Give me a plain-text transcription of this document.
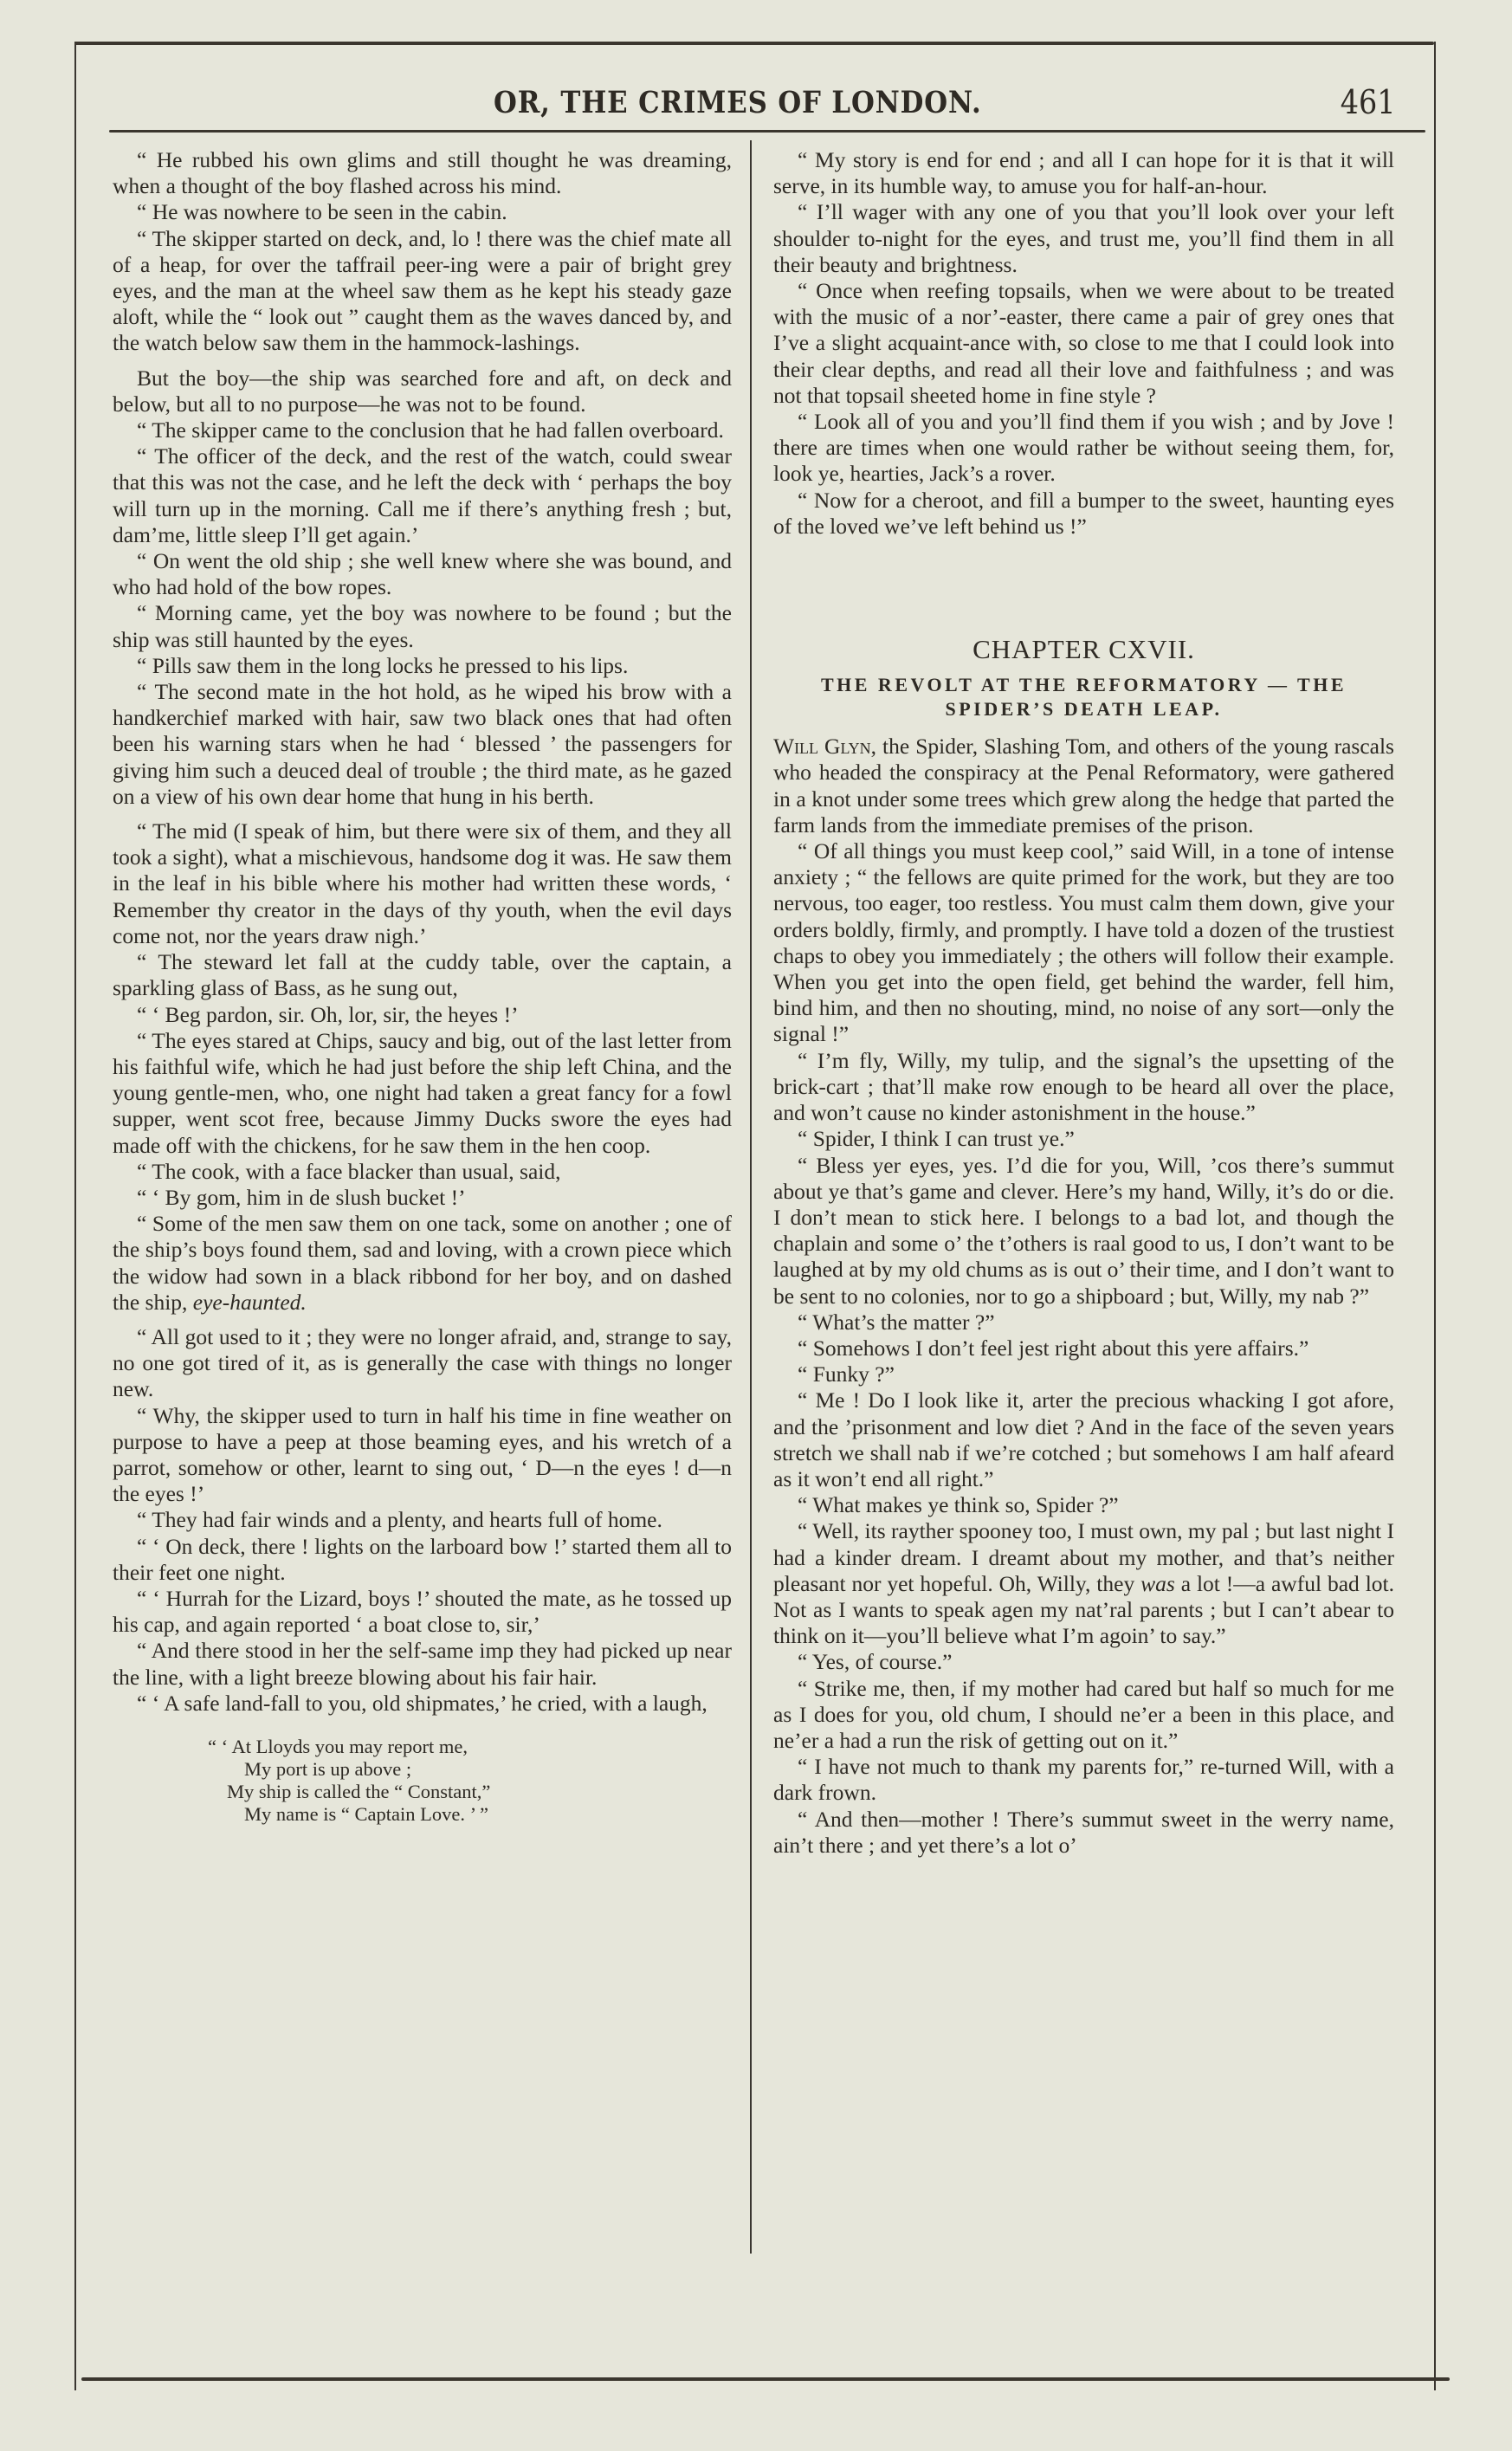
OR, THE CRIMES OF LONDON.	461

“ He rubbed his own glims and still thought he was dreaming, when a thought of the boy flashed across his mind.

“ He was nowhere to be seen in the cabin.

“ The skipper started on deck, and, lo ! there was the chief mate all of a heap, for over the taffrail peer-ing were a pair of bright grey eyes, and the man at the wheel saw them as he kept his steady gaze aloft, while the “ look out ” caught them as the waves danced by, and the watch below saw them in the hammock-lashings.

But the boy—the ship was searched fore and aft, on deck and below, but all to no purpose—he was not to be found.

“ The skipper came to the conclusion that he had fallen overboard.

“ The officer of the deck, and the rest of the watch, could swear that this was not the case, and he left the deck with ‘ perhaps the boy will turn up in the morning. Call me if there’s anything fresh ; but, dam’me, little sleep I’ll get again.’

“ On went the old ship ; she well knew where she was bound, and who had hold of the bow ropes.

“ Morning came, yet the boy was nowhere to be found ; but the ship was still haunted by the eyes.

“ Pills saw them in the long locks he pressed to his lips.

“ The second mate in the hot hold, as he wiped his brow with a handkerchief marked with hair, saw two black ones that had often been his warning stars when he had ‘ blessed ’ the passengers for giving him such a deuced deal of trouble ; the third mate, as he gazed on a view of his own dear home that hung in his berth.

“ The mid (I speak of him, but there were six of them, and they all took a sight), what a mischievous, handsome dog it was. He saw them in the leaf in his bible where his mother had written these words, ‘ Remember thy creator in the days of thy youth, when the evil days come not, nor the years draw nigh.’

“ The steward let fall at the cuddy table, over the captain, a sparkling glass of Bass, as he sung out,

“ ‘ Beg pardon, sir. Oh, lor, sir, the heyes !’

“ The eyes stared at Chips, saucy and big, out of the last letter from his faithful wife, which he had just before the ship left China, and the young gentle-men, who, one night had taken a great fancy for a fowl supper, went scot free, because Jimmy Ducks swore the eyes had made off with the chickens, for he saw them in the hen coop.

“ The cook, with a face blacker than usual, said,

“ ‘ By gom, him in de slush bucket !’

“ Some of the men saw them on one tack, some on another ; one of the ship’s boys found them, sad and loving, with a crown piece which the widow had sown in a black ribbond for her boy, and on dashed the ship, eye-haunted.

“ All got used to it ; they were no longer afraid, and, strange to say, no one got tired of it, as is generally the case with things no longer new.

“ Why, the skipper used to turn in half his time in fine weather on purpose to have a peep at those beaming eyes, and his wretch of a parrot, somehow or other, learnt to sing out, ‘ D—n the eyes ! d—n the eyes !’

“ They had fair winds and a plenty, and hearts full of home.

“ ‘ On deck, there ! lights on the larboard bow !’ started them all to their feet one night.

“ ‘ Hurrah for the Lizard, boys !’ shouted the mate, as he tossed up his cap, and again reported ‘ a boat close to, sir,’

“ And there stood in her the self-same imp they had picked up near the line, with a light breeze blowing about his fair hair.

“ ‘ A safe land-fall to you, old shipmates,’ he cried, with a laugh,

“ ‘ At Lloyds you may report me,
My port is up above ;
My ship is called the “ Constant,”
My name is “ Captain Love. ’ ”

“ My story is end for end ; and all I can hope for it is that it will serve, in its humble way, to amuse you for half-an-hour.

“ I’ll wager with any one of you that you’ll look over your left shoulder to-night for the eyes, and trust me, you’ll find them in all their beauty and brightness.

“ Once when reefing topsails, when we were about to be treated with the music of a nor’-easter, there came a pair of grey ones that I’ve a slight acquaint-ance with, so close to me that I could look into their clear depths, and read all their love and faithfulness ; and was not that topsail sheeted home in fine style ?

“ Look all of you and you’ll find them if you wish ; and by Jove ! there are times when one would rather be without seeing them, for, look ye, hearties, Jack’s a rover.

“ Now for a cheroot, and fill a bumper to the sweet, haunting eyes of the loved we’ve left behind us !”

CHAPTER CXVII.
THE REVOLT AT THE REFORMATORY — THE
SPIDER’S DEATH LEAP.

Will Glyn, the Spider, Slashing Tom, and others of the young rascals who headed the conspiracy at the Penal Reformatory, were gathered in a knot under some trees which grew along the hedge that parted the farm lands from the immediate premises of the prison.

“ Of all things you must keep cool,” said Will, in a tone of intense anxiety ; “ the fellows are quite primed for the work, but they are too nervous, too eager, too restless. You must calm them down, give your orders boldly, firmly, and promptly. I have told a dozen of the trustiest chaps to obey you immediately ; the others will follow their example. When you get into the open field, get behind the warder, fell him, bind him, and then no shouting, mind, no noise of any sort—only the signal !”

“ I’m fly, Willy, my tulip, and the signal’s the upsetting of the brick-cart ; that’ll make row enough to be heard all over the place, and won’t cause no kinder astonishment in the house.”

“ Spider, I think I can trust ye.”

“ Bless yer eyes, yes. I’d die for you, Will, ’cos there’s summut about ye that’s game and clever. Here’s my hand, Willy, it’s do or die. I don’t mean to stick here. I belongs to a bad lot, and though the chaplain and some o’ the t’others is raal good to us, I don’t want to be laughed at by my old chums as is out o’ their time, and I don’t want to be sent to no colonies, nor to go a shipboard ; but, Willy, my nab ?”

“ What’s the matter ?”

“ Somehows I don’t feel jest right about this yere affairs.”

“ Funky ?”

“ Me ! Do I look like it, arter the precious whacking I got afore, and the ’prisonment and low diet ? And in the face of the seven years stretch we shall nab if we’re cotched ; but somehows I am half afeard as it won’t end all right.”

“ What makes ye think so, Spider ?”

“ Well, its rayther spooney too, I must own, my pal ; but last night I had a kinder dream. I dreamt about my mother, and that’s neither pleasant nor yet hopeful. Oh, Willy, they was a lot !—a awful bad lot. Not as I wants to speak agen my nat’ral parents ; but I can’t abear to think on it—you’ll believe what I’m agoin’ to say.”

“ Yes, of course.”

“ Strike me, then, if my mother had cared but half so much for me as I does for you, old chum, I should ne’er a been in this place, and ne’er a had a run the risk of getting out on it.”

“ I have not much to thank my parents for,” re-turned Will, with a dark frown.

“ And then—mother ! There’s summut sweet in the werry name, ain’t there ; and yet there’s a lot o’
